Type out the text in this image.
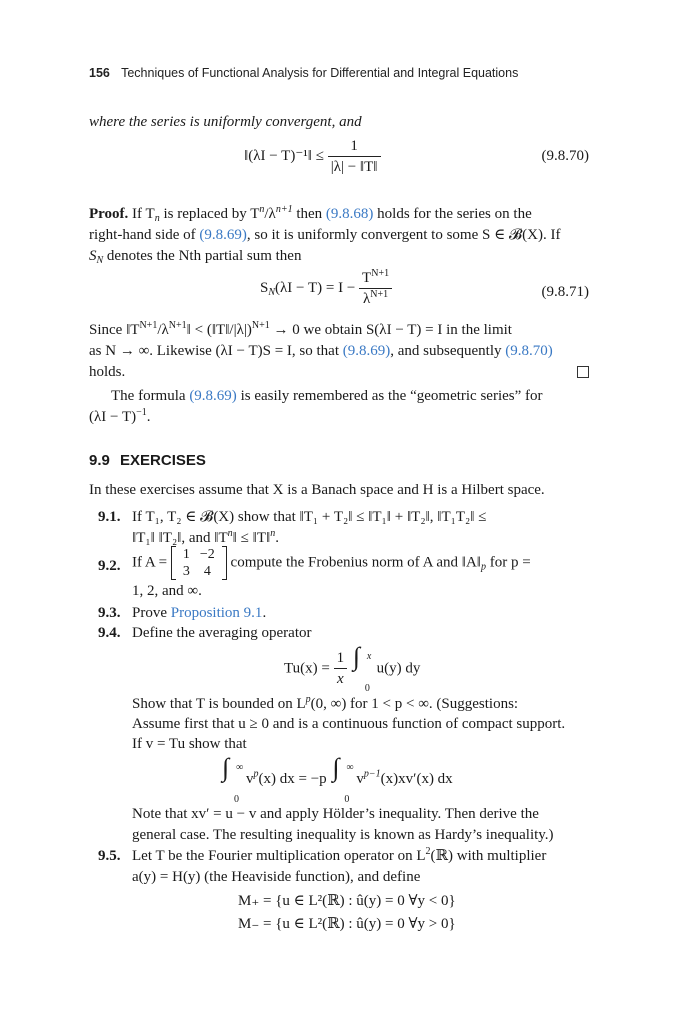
156 Techniques of Functional Analysis for Differential and Integral Equations
where the series is uniformly convergent, and
‖(λI − T)⁻¹‖ ≤ $\frac{1}{|\lambda| - ‖T‖}$	(9.8.70)
Proof. If $T_n$ is replaced by $T^n/\lambda^{n+1}$ then (9.8.68) holds for the series on the
right-hand side of (9.8.69), so it is uniformly convergent to some S ∈ 𝓑(X). If
$S_N$ denotes the Nth partial sum then
$S_N(\lambda I - T) = I - \frac{T^{N+1}}{\lambda^{N+1}}$	(9.8.71)
Since $‖T^{N+1}/\lambda^{N+1}‖$ < (‖T‖/|λ|)$^{N+1}$ → 0 we obtain S(λI − T) = I in the limit
as N → ∞. Likewise (λI − T)S = I, so that (9.8.69), and subsequently (9.8.70)
holds.
The formula (9.8.69) is easily remembered as the “geometric series” for
$(\lambda I - T)^{-1}$.
9.9 EXERCISES
In these exercises assume that X is a Banach space and H is a Hilbert space.
9.1. If T₁, T₂ ∈ 𝓑(X) show that ‖T₁ + T₂‖ ≤ ‖T₁‖ + ‖T₂‖, ‖T₁T₂‖ ≤
‖T₁‖ ‖T₂‖, and $‖T^n‖$ ≤ ‖T‖$^n$.
9.2. If A = 1	−2
3	4
compute the Frobenius norm of A and $‖A‖_p$ for p =
1, 2, and ∞.
9.3. Prove Proposition 9.1.
9.4. Define the averaging operator
$Tu(x) = \frac{1}{x}$
∫ x
0
u(y) dy
Show that T is bounded on $L^p(0$, ∞) for 1 < p < ∞. (Suggestions:
Assume first that u ≥ 0 and is a continuous function of compact support.
If v = Tu show that
∫ ∞
0
$v^p(x)$ dx = −p ∫ ∞
0
$v^{p-1}(x)xv'(x)$ dx
Note that xv′ = u − v and apply Hölder’s inequality. Then derive the
general case. The resulting inequality is known as Hardy’s inequality.)
9.5. Let T be the Fourier multiplication operator on $L^2(ℝ)$ with multiplier
a(y) = H(y) (the Heaviside function), and define
M₊ = {u ∈ L²(ℝ) : û(y) = 0 ∀y < 0}
M₋ = {u ∈ L²(ℝ) : û(y) = 0 ∀y > 0}
